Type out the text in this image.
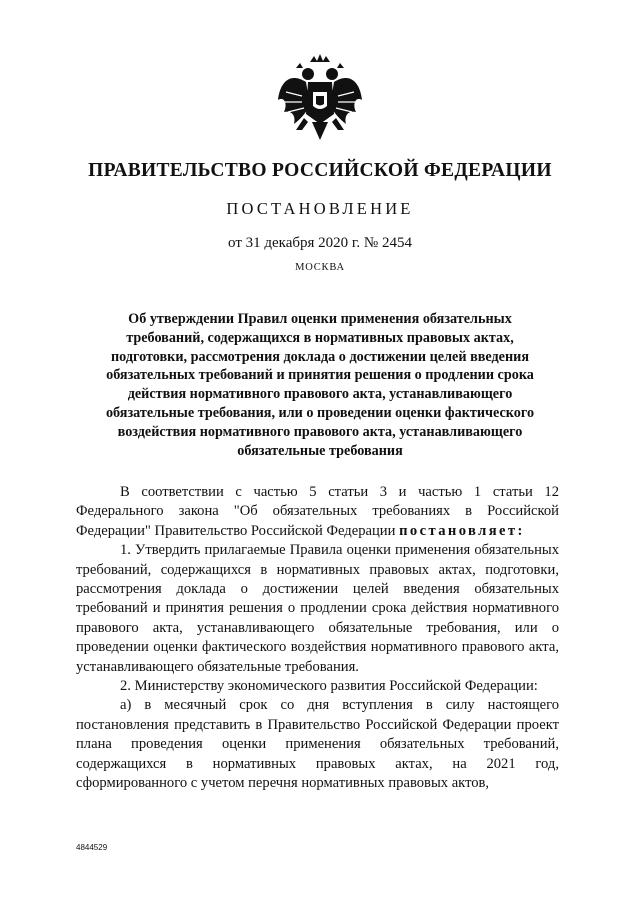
ПРАВИТЕЛЬСТВО РОССИЙСКОЙ ФЕДЕРАЦИИ
ПОСТАНОВЛЕНИЕ
от 31 декабря 2020 г. № 2454
МОСКВА
Об утверждении Правил оценки применения обязательных требований, содержащихся в нормативных правовых актах, подготовки, рассмотрения доклада о достижении целей введения обязательных требований и принятия решения о продлении срока действия нормативного правового акта, устанавливающего обязательные требования, или о проведении оценки фактического воздействия нормативного правового акта, устанавливающего обязательные требования

В соответствии с частью 5 статьи 3 и частью 1 статьи 12 Федерального закона "Об обязательных требованиях в Российской Федерации" Правительство Российской Федерации постановляет:

1. Утвердить прилагаемые Правила оценки применения обязательных требований, содержащихся в нормативных правовых актах, подготовки, рассмотрения доклада о достижении целей введения обязательных требований и принятия решения о продлении срока действия нормативного правового акта, устанавливающего обязательные требования, или о проведении оценки фактического воздействия нормативного правового акта, устанавливающего обязательные требования.

2. Министерству экономического развития Российской Федерации:

а) в месячный срок со дня вступления в силу настоящего постановления представить в Правительство Российской Федерации проект плана проведения оценки применения обязательных требований, содержащихся в нормативных правовых актах, на 2021 год, сформированного с учетом перечня нормативных правовых актов,

4844529
